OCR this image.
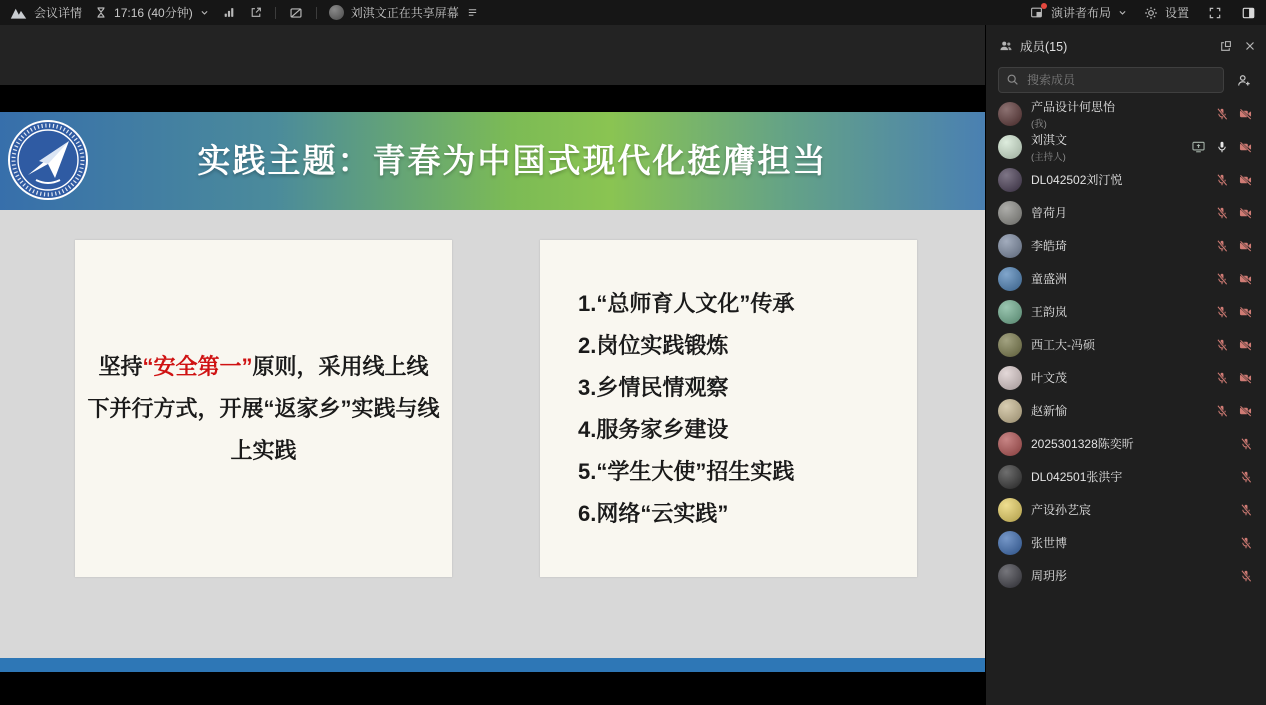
会议详情	17:16 (40分钟)	刘淇文正在共享屏幕	演讲者布局	设置
实践主题：青春为中国式现代化挺膺担当
坚持“安全第一”原则，采用线上线下并行方式，开展“返家乡”实践与线上实践
1.“总师育人文化”传承
2.岗位实践锻炼
3.乡情民情观察
4.服务家乡建设
5.“学生大使”招生实践
6.网络“云实践”
成员(15)
搜索成员
产品设计何思怡
(我)
刘淇文
(主持人)
DL042502刘汀悦
曾荷月
李皓琦
童盛洲
王韵岚
西工大-冯硕
叶文茂
赵新愉
2025301328陈奕昕
DL042501张洪宇
产设孙艺宸
张世博
周玥彤
